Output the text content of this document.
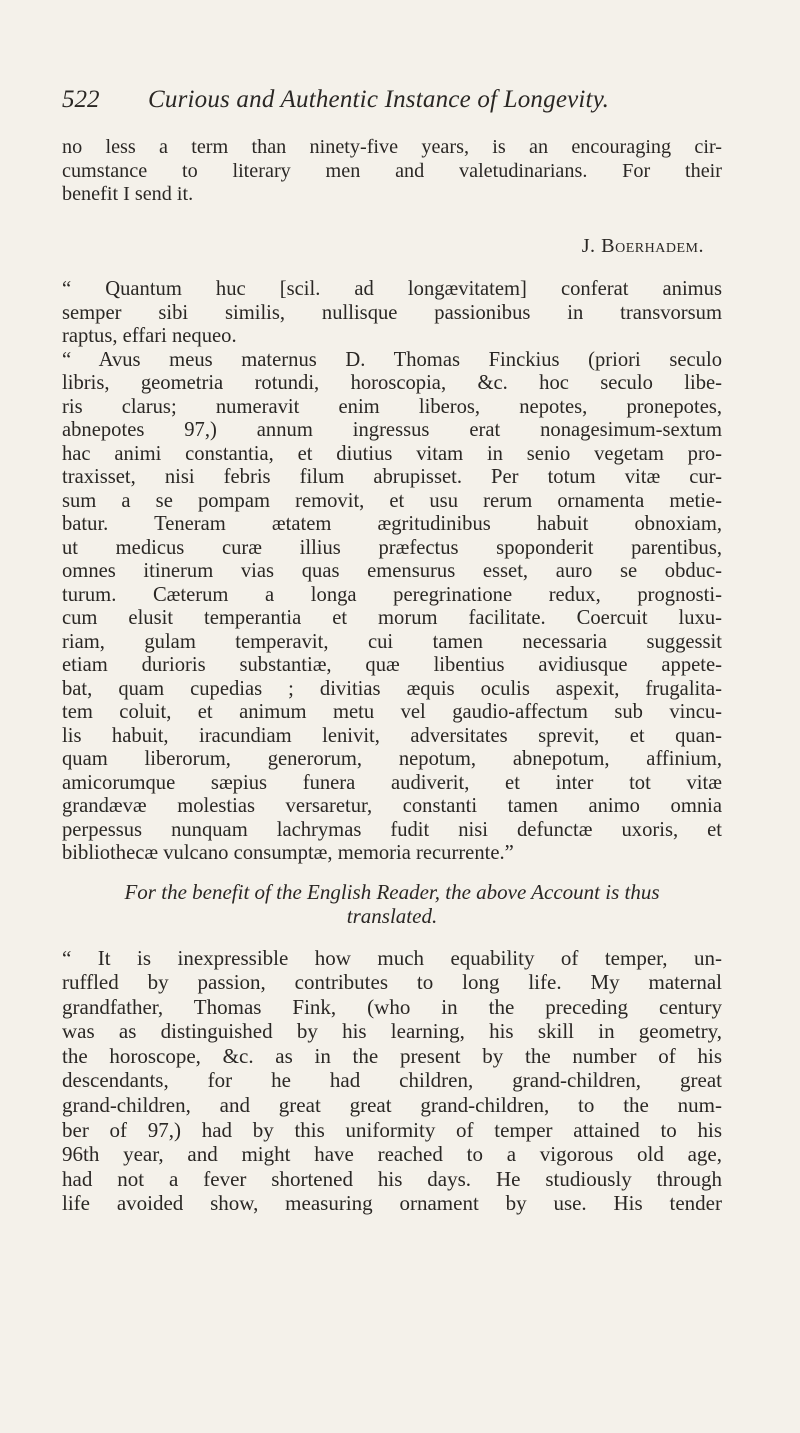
522 Curious and Authentic Instance of Longevity.
no less a term than ninety-five years, is an encouraging cir-
cumstance to literary men and valetudinarians. For their
benefit I send it.
J. Boerhadem.
“ Quantum huc [scil. ad longævitatem] conferat animus
semper sibi similis, nullisque passionibus in transvorsum
raptus, effari nequeo.
“ Avus meus maternus D. Thomas Finckius (priori seculo
libris, geometria rotundi, horoscopia, &c. hoc seculo libe-
ris clarus; numeravit enim liberos, nepotes, pronepotes,
abnepotes 97,) annum ingressus erat nonagesimum-sextum
hac animi constantia, et diutius vitam in senio vegetam pro-
traxisset, nisi febris filum abrupisset. Per totum vitæ cur-
sum a se pompam removit, et usu rerum ornamenta metie-
batur. Teneram ætatem ægritudinibus habuit obnoxiam,
ut medicus curæ illius præfectus spoponderit parentibus,
omnes itinerum vias quas emensurus esset, auro se obduc-
turum. Cæterum a longa peregrinatione redux, prognosti-
cum elusit temperantia et morum facilitate. Coercuit luxu-
riam, gulam temperavit, cui tamen necessaria suggessit
etiam durioris substantiæ, quæ libentius avidiusque appete-
bat, quam cupedias ; divitias æquis oculis aspexit, frugalita-
tem coluit, et animum metu vel gaudio-affectum sub vincu-
lis habuit, iracundiam lenivit, adversitates sprevit, et quan-
quam liberorum, generorum, nepotum, abnepotum, affinium,
amicorumque sæpius funera audiverit, et inter tot vitæ
grandævæ molestias versaretur, constanti tamen animo omnia
perpessus nunquam lachrymas fudit nisi defunctæ uxoris, et
bibliothecæ vulcano consumptæ, memoria recurrente.”
For the benefit of the English Reader, the above Account is thus
translated.
“ It is inexpressible how much equability of temper, un-
ruffled by passion, contributes to long life. My maternal
grandfather, Thomas Fink, (who in the preceding century
was as distinguished by his learning, his skill in geometry,
the horoscope, &c. as in the present by the number of his
descendants, for he had children, grand-children, great
grand-children, and great great grand-children, to the num-
ber of 97,) had by this uniformity of temper attained to his
96th year, and might have reached to a vigorous old age,
had not a fever shortened his days. He studiously through
life avoided show, measuring ornament by use. His tender
